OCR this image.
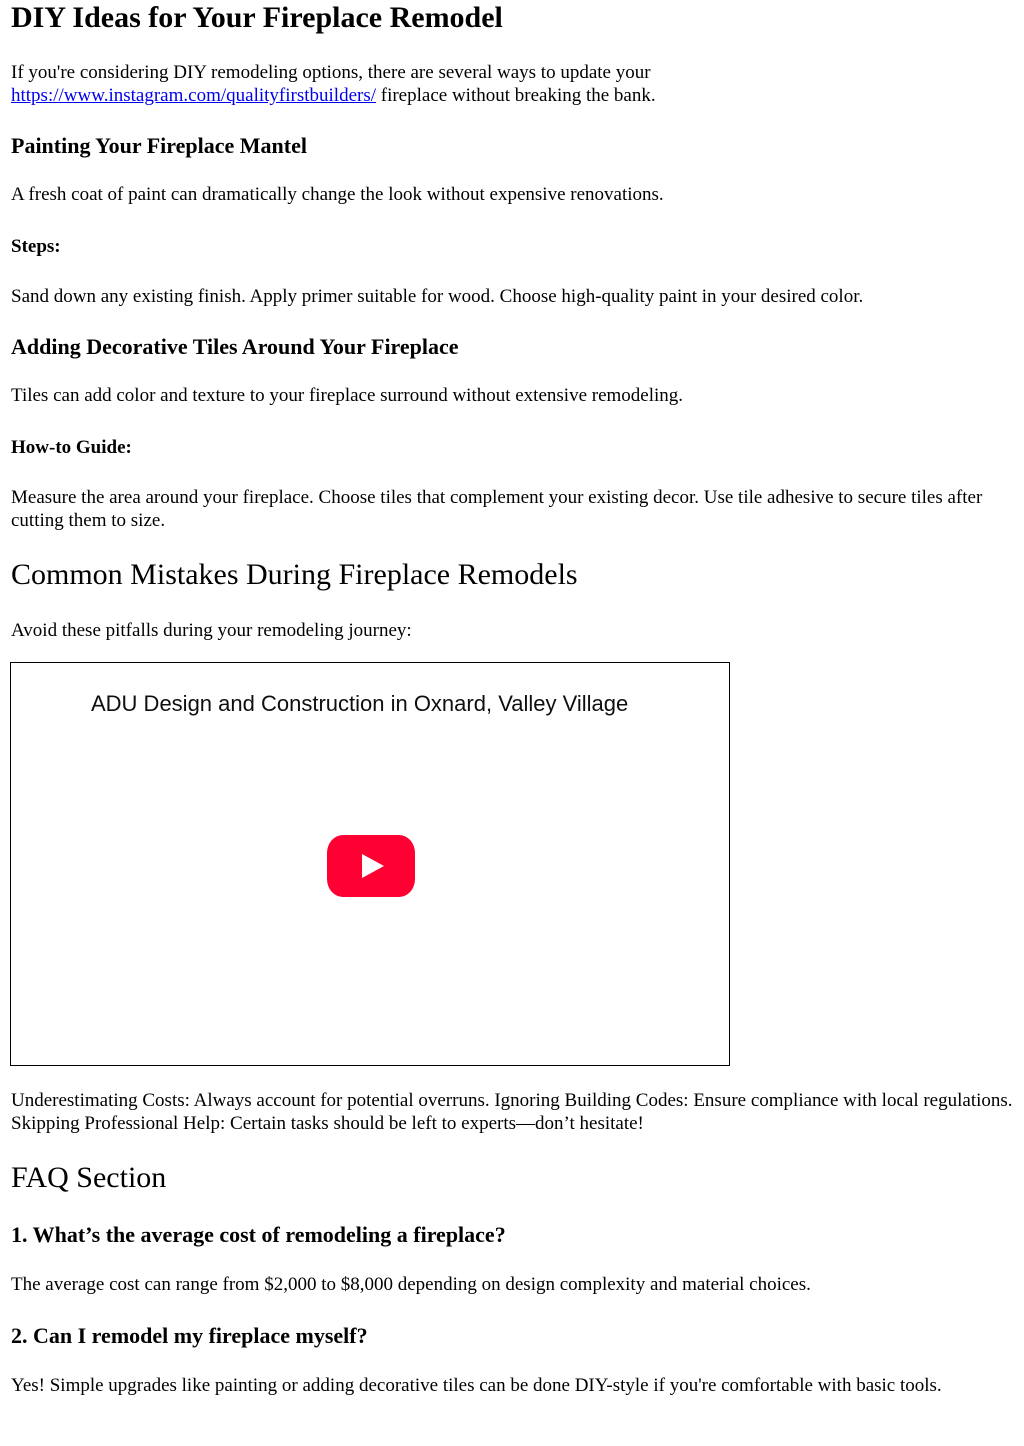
DIY Ideas for Your Fireplace Remodel

If you're considering DIY remodeling options, there are several ways to update your
https://www.instagram.com/qualityfirstbuilders/ fireplace without breaking the bank.

Painting Your Fireplace Mantel

A fresh coat of paint can dramatically change the look without expensive renovations.

Steps:

Sand down any existing finish. Apply primer suitable for wood. Choose high-quality paint in your desired color.

Adding Decorative Tiles Around Your Fireplace

Tiles can add color and texture to your fireplace surround without extensive remodeling.

How-to Guide:

Measure the area around your fireplace. Choose tiles that complement your existing decor. Use tile adhesive to secure tiles after cutting them to size.

Common Mistakes During Fireplace Remodels

Avoid these pitfalls during your remodeling journey:

ADU Design and Construction in Oxnard, Valley Village

Underestimating Costs: Always account for potential overruns. Ignoring Building Codes: Ensure compliance with local regulations. Skipping Professional Help: Certain tasks should be left to experts—don’t hesitate!

FAQ Section
1. What’s the average cost of remodeling a fireplace?

The average cost can range from $2,000 to $8,000 depending on design complexity and material choices.

2. Can I remodel my fireplace myself?

Yes! Simple upgrades like painting or adding decorative tiles can be done DIY-style if you're comfortable with basic tools.
